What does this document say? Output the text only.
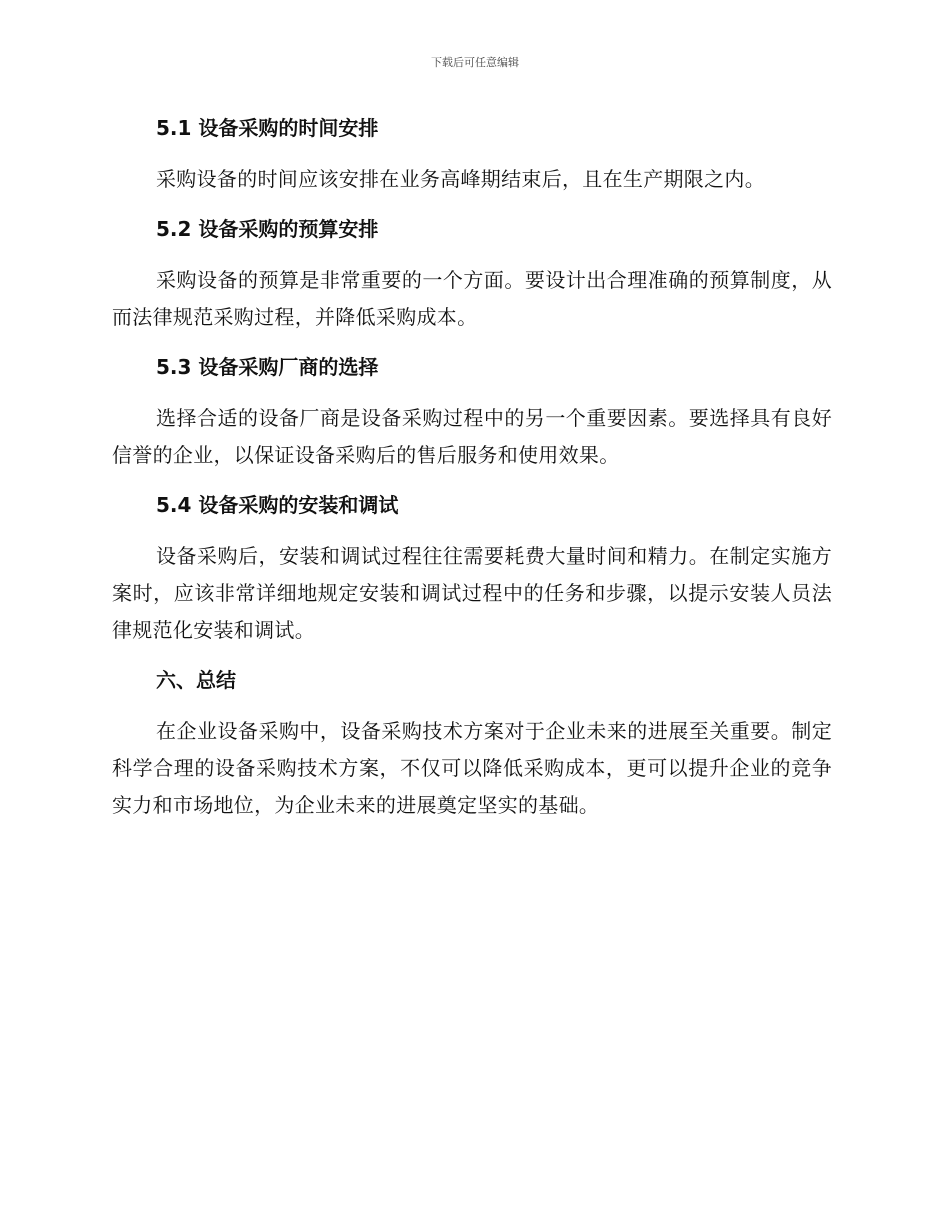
下载后可任意编辑
5.1 设备采购的时间安排

采购设备的时间应该安排在业务高峰期结束后，且在生产期限之内。

5.2 设备采购的预算安排

采购设备的预算是非常重要的一个方面。要设计出合理准确的预算制度，从而法律规范采购过程，并降低采购成本。

5.3 设备采购厂商的选择

选择合适的设备厂商是设备采购过程中的另一个重要因素。要选择具有良好信誉的企业，以保证设备采购后的售后服务和使用效果。

5.4 设备采购的安装和调试

设备采购后，安装和调试过程往往需要耗费大量时间和精力。在制定实施方案时，应该非常详细地规定安装和调试过程中的任务和步骤，以提示安装人员法律规范化安装和调试。

六、总结

在企业设备采购中，设备采购技术方案对于企业未来的进展至关重要。制定科学合理的设备采购技术方案，不仅可以降低采购成本，更可以提升企业的竞争实力和市场地位，为企业未来的进展奠定坚实的基础。
